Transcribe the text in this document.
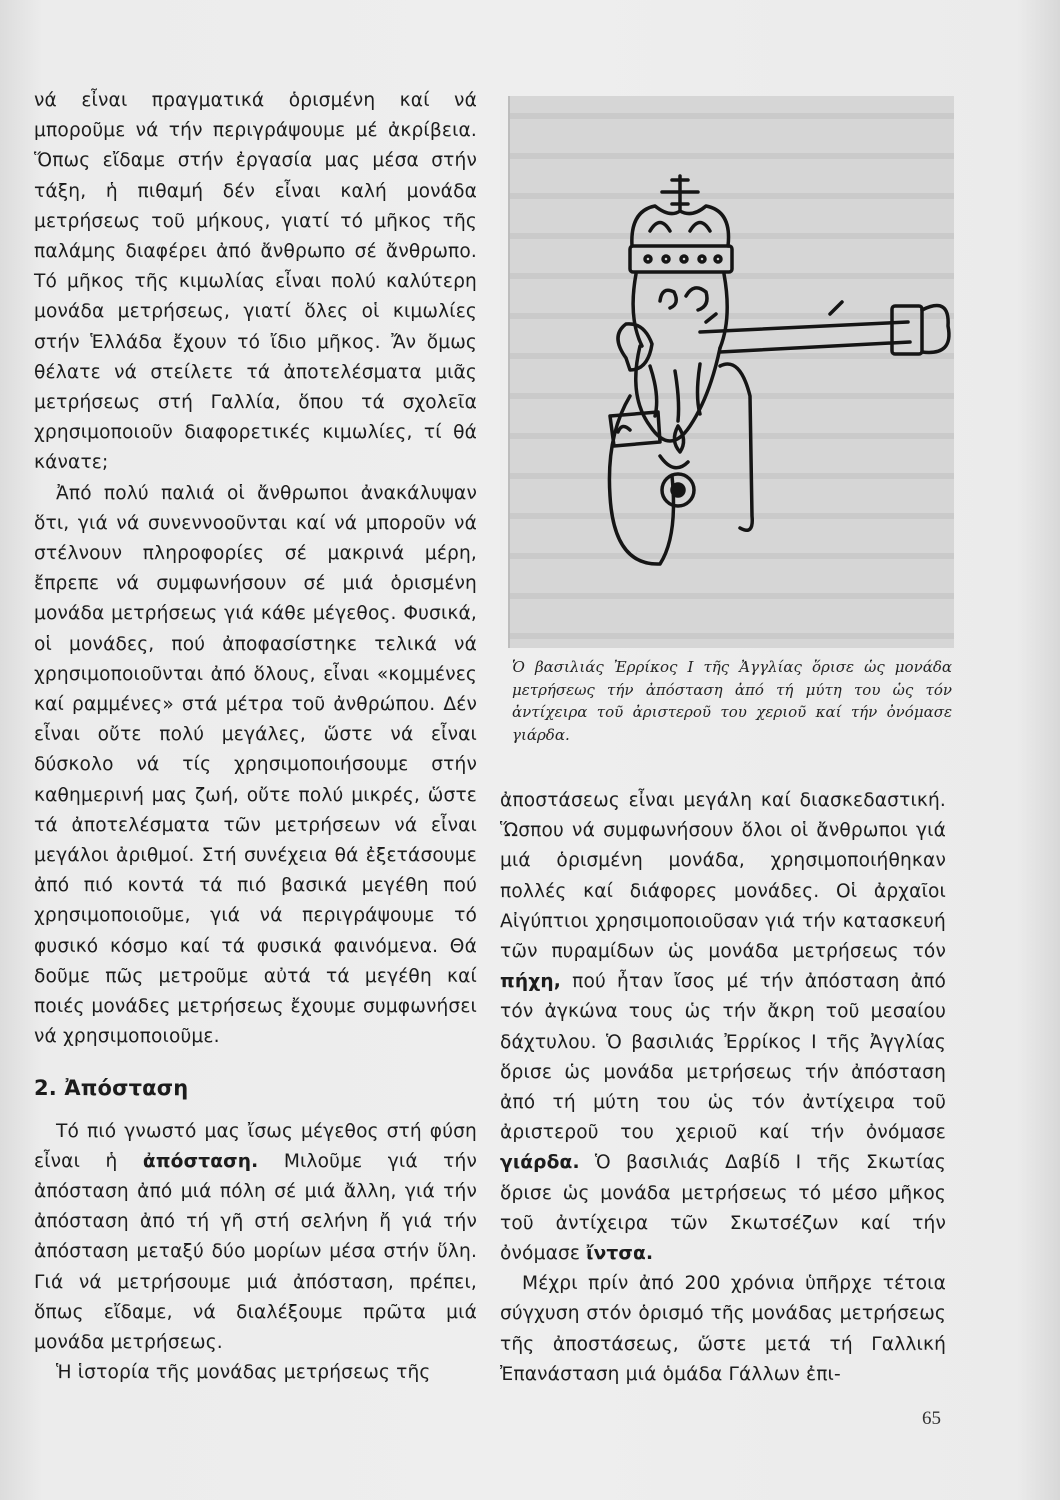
νά εἶναι πραγματικά ὁρισμένη καί νά μποροῦμε νά τήν περιγράψουμε μέ ἀκρίβεια. Ὅπως εἴδαμε στήν ἐργασία μας μέσα στήν τάξη, ἡ πιθαμή δέν εἶναι καλή μονάδα μετρήσεως τοῦ μήκους, γιατί τό μῆκος τῆς παλάμης διαφέρει ἀπό ἄνθρωπο σέ ἄνθρωπο. Τό μῆκος τῆς κιμωλίας εἶναι πολύ καλύτερη μονάδα μετρήσεως, γιατί ὅλες οἱ κιμωλίες στήν Ἑλλάδα ἔχουν τό ἴδιο μῆκος. Ἄν ὅμως θέλατε νά στείλετε τά ἀποτελέσματα μιᾶς μετρήσεως στή Γαλλία, ὅπου τά σχολεῖα χρησιμοποιοῦν διαφορετικές κιμωλίες, τί θά κάνατε;

Ἀπό πολύ παλιά οἱ ἄνθρωποι ἀνακάλυψαν ὅτι, γιά νά συνεννοοῦνται καί νά μποροῦν νά στέλνουν πληροφορίες σέ μακρινά μέρη, ἔπρεπε νά συμφωνήσουν σέ μιά ὁρισμένη μονάδα μετρήσεως γιά κάθε μέγεθος. Φυσικά, οἱ μονάδες, πού ἀποφασίστηκε τελικά νά χρησιμοποιοῦνται ἀπό ὅλους, εἶναι «κομμένες καί ραμμένες» στά μέτρα τοῦ ἀνθρώπου. Δέν εἶναι οὔτε πολύ μεγάλες, ὥστε νά εἶναι δύσκολο νά τίς χρησιμοποιήσουμε στήν καθημερινή μας ζωή, οὔτε πολύ μικρές, ὥστε τά ἀποτελέσματα τῶν μετρήσεων νά εἶναι μεγάλοι ἀριθμοί. Στή συνέχεια θά ἐξετάσουμε ἀπό πιό κοντά τά πιό βασικά μεγέθη πού χρησιμοποιοῦμε, γιά νά περιγράψουμε τό φυσικό κόσμο καί τά φυσικά φαινόμενα. Θά δοῦμε πῶς μετροῦμε αὐτά τά μεγέθη καί ποιές μονάδες μετρήσεως ἔχουμε συμφωνήσει νά χρησιμοποιοῦμε.

2. Ἀπόσταση

Τό πιό γνωστό μας ἴσως μέγεθος στή φύση εἶναι ἡ ἀπόσταση. Μιλοῦμε γιά τήν ἀπόσταση ἀπό μιά πόλη σέ μιά ἄλλη, γιά τήν ἀπόσταση ἀπό τή γῆ στή σελήνη ἤ γιά τήν ἀπόσταση μεταξύ δύο μορίων μέσα στήν ὕλη. Γιά νά μετρήσουμε μιά ἀπόσταση, πρέπει, ὅπως εἴδαμε, νά διαλέξουμε πρῶτα μιά μονάδα μετρήσεως.

Ἡ ἱστορία τῆς μονάδας μετρήσεως τῆς

Ὁ βασιλιάς Ἐρρίκος Ι τῆς Ἀγγλίας ὅρισε ὡς μονάδα μετρήσεως τήν ἀπόσταση ἀπό τή μύτη του ὡς τόν ἀντίχειρα τοῦ ἀριστεροῦ του χεριοῦ καί τήν ὀνόμασε γιάρδα.

ἀποστάσεως εἶναι μεγάλη καί διασκεδαστική. Ὥσπου νά συμφωνήσουν ὅλοι οἱ ἄνθρωποι γιά μιά ὁρισμένη μονάδα, χρησιμοποιήθηκαν πολλές καί διάφορες μονάδες. Οἱ ἀρχαῖοι Αἰγύπτιοι χρησιμοποιοῦσαν γιά τήν κατασκευή τῶν πυραμίδων ὡς μονάδα μετρήσεως τόν πήχη, πού ἦταν ἴσος μέ τήν ἀπόσταση ἀπό τόν ἀγκώνα τους ὡς τήν ἄκρη τοῦ μεσαίου δάχτυλου. Ὁ βασιλιάς Ἐρρίκος Ι τῆς Ἀγγλίας ὅρισε ὡς μονάδα μετρήσεως τήν ἀπόσταση ἀπό τή μύτη του ὡς τόν ἀντίχειρα τοῦ ἀριστεροῦ του χεριοῦ καί τήν ὀνόμασε γιάρδα. Ὁ βασιλιάς Δαβίδ Ι τῆς Σκωτίας ὅρισε ὡς μονάδα μετρήσεως τό μέσο μῆκος τοῦ ἀντίχειρα τῶν Σκωτσέζων καί τήν ὀνόμασε ἴντσα.

Μέχρι πρίν ἀπό 200 χρόνια ὑπῆρχε τέτοια σύγχυση στόν ὁρισμό τῆς μονάδας μετρήσεως τῆς ἀποστάσεως, ὥστε μετά τή Γαλλική Ἐπανάσταση μιά ὁμάδα Γάλλων ἐπι-

65
